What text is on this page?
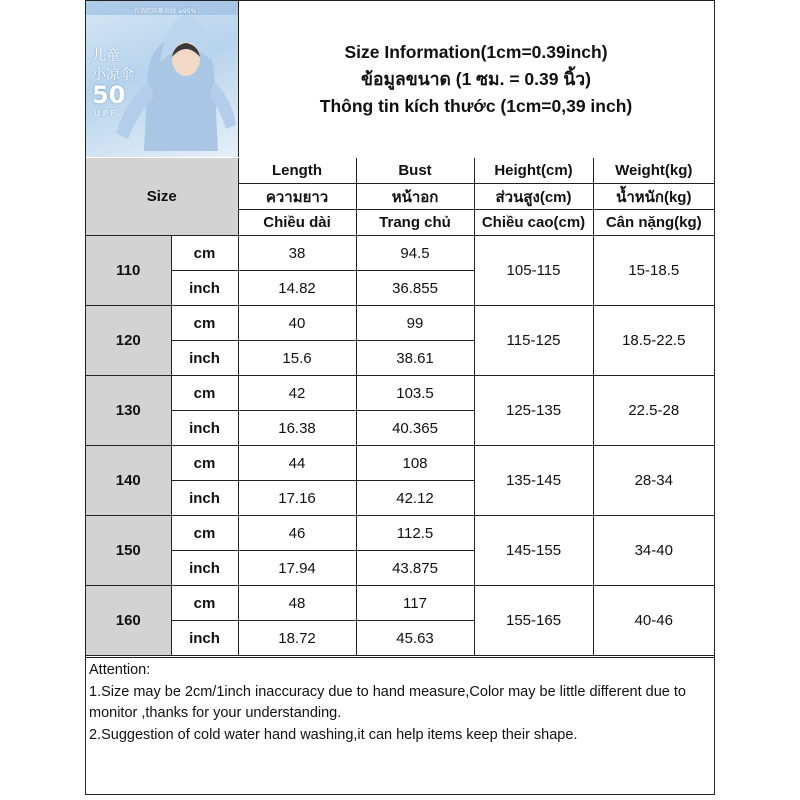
有效阻隔紫外线 ≥95%
儿童
小凉伞
50
UPF
Size Information(1cm=0.39inch)
ข้อมูลขนาด (1 ซม. = 0.39 นิ้ว)
Thông tin kích thước (1cm=0,39 inch)
Size		Length	Bust	Height(cm)	Weight(kg)
		ความยาว	หน้าอก	ส่วนสูง(cm)	น้ำหนัก(kg)
		Chiều dài	Trang chủ	Chiều cao(cm)	Cân nặng(kg)
110	cm	38	94.5	105-115	15-18.5
	inch	14.82	36.855		
120	cm	40	99	115-125	18.5-22.5
	inch	15.6	38.61		
130	cm	42	103.5	125-135	22.5-28
	inch	16.38	40.365		
140	cm	44	108	135-145	28-34
	inch	17.16	42.12		
150	cm	46	112.5	145-155	34-40
	inch	17.94	43.875		
160	cm	48	117	155-165	40-46
	inch	18.72	45.63		
Attention:
1.Size may be 2cm/1inch inaccuracy due to hand measure,Color may be little different due to monitor ,thanks for your understanding.
2.Suggestion of cold water hand washing,it can help items keep their shape.
